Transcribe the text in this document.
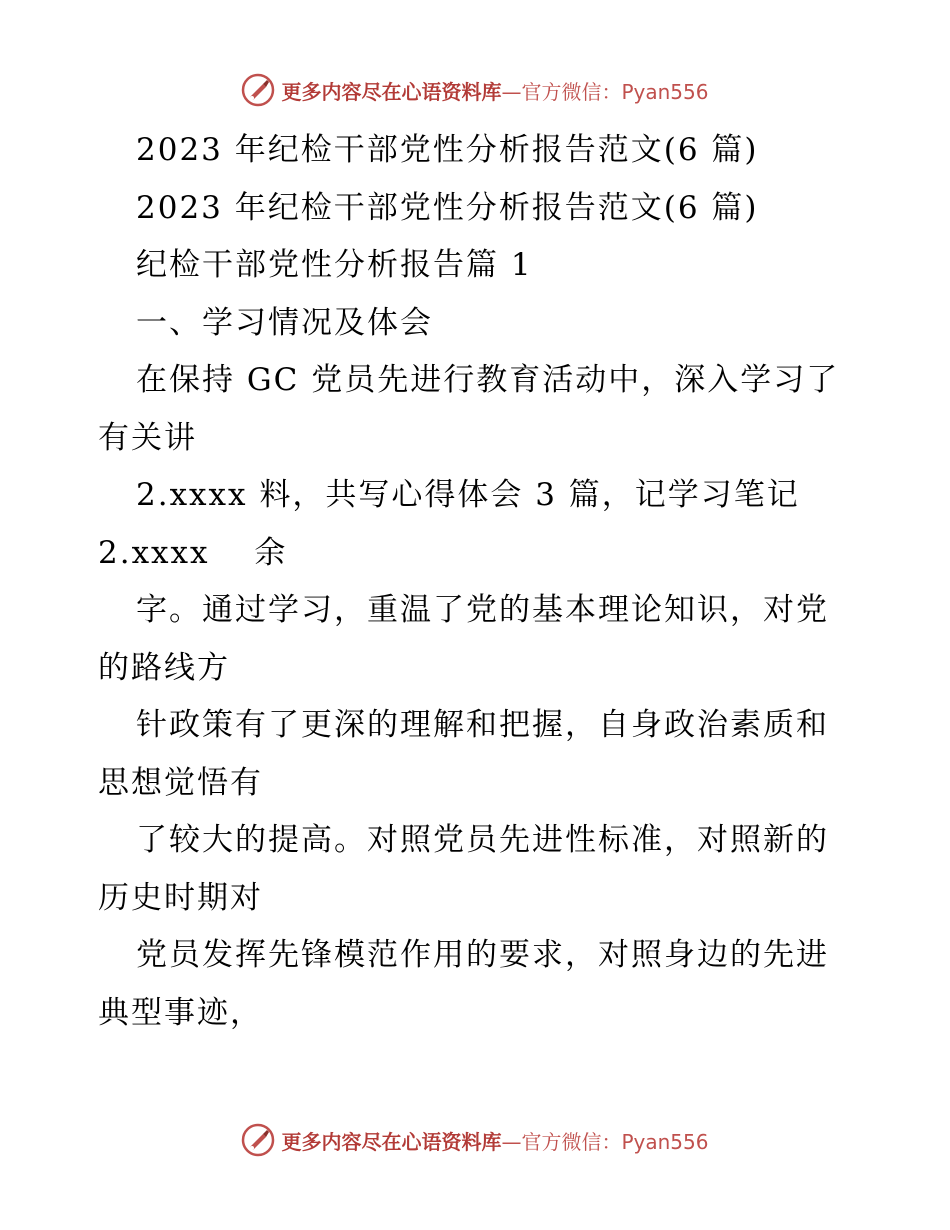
更多内容尽在心语资料库—官方微信：Pyan556
2023 年纪检干部党性分析报告范文(6 篇)
2023 年纪检干部党性分析报告范文(6 篇)
纪检干部党性分析报告篇 1
一、学习情况及体会
在保持 GC 党员先进行教育活动中，深入学习了
有关讲
2.xxxx 料，共写心得体会 3 篇，记学习笔记
2.xxxx　 余
字。通过学习，重温了党的基本理论知识，对党
的路线方
针政策有了更深的理解和把握，自身政治素质和
思想觉悟有
了较大的提高。对照党员先进性标准，对照新的
历史时期对
党员发挥先锋模范作用的要求，对照身边的先进
典型事迹，
更多内容尽在心语资料库—官方微信：Pyan556
